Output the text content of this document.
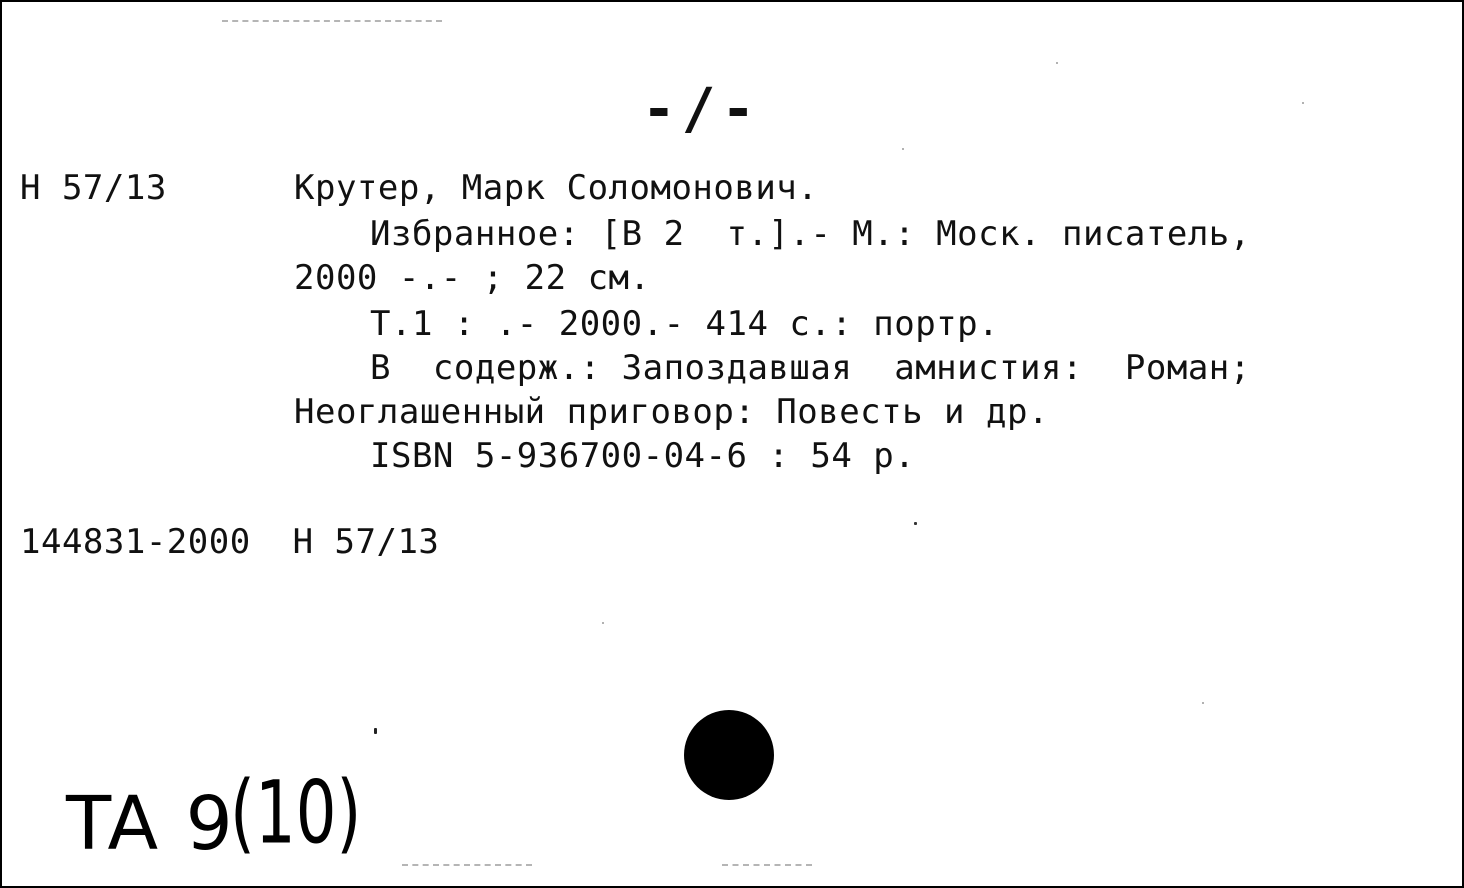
-/-
Н 57/13	Крутер, Марк Соломонович.
Избранное: [В 2  т.].- М.: Моск. писатель,
2000 -.- ; 22 см.
Т.1 : .- 2000.- 414 с.: портр.
В  содерж.: Запоздавшая  амнистия:  Роман;
Неоглашенный приговор: Повесть и др.
ISBN 5-936700-04-6 : 54 р.
144831-2000  Н 57/13
TA 9
(10)
